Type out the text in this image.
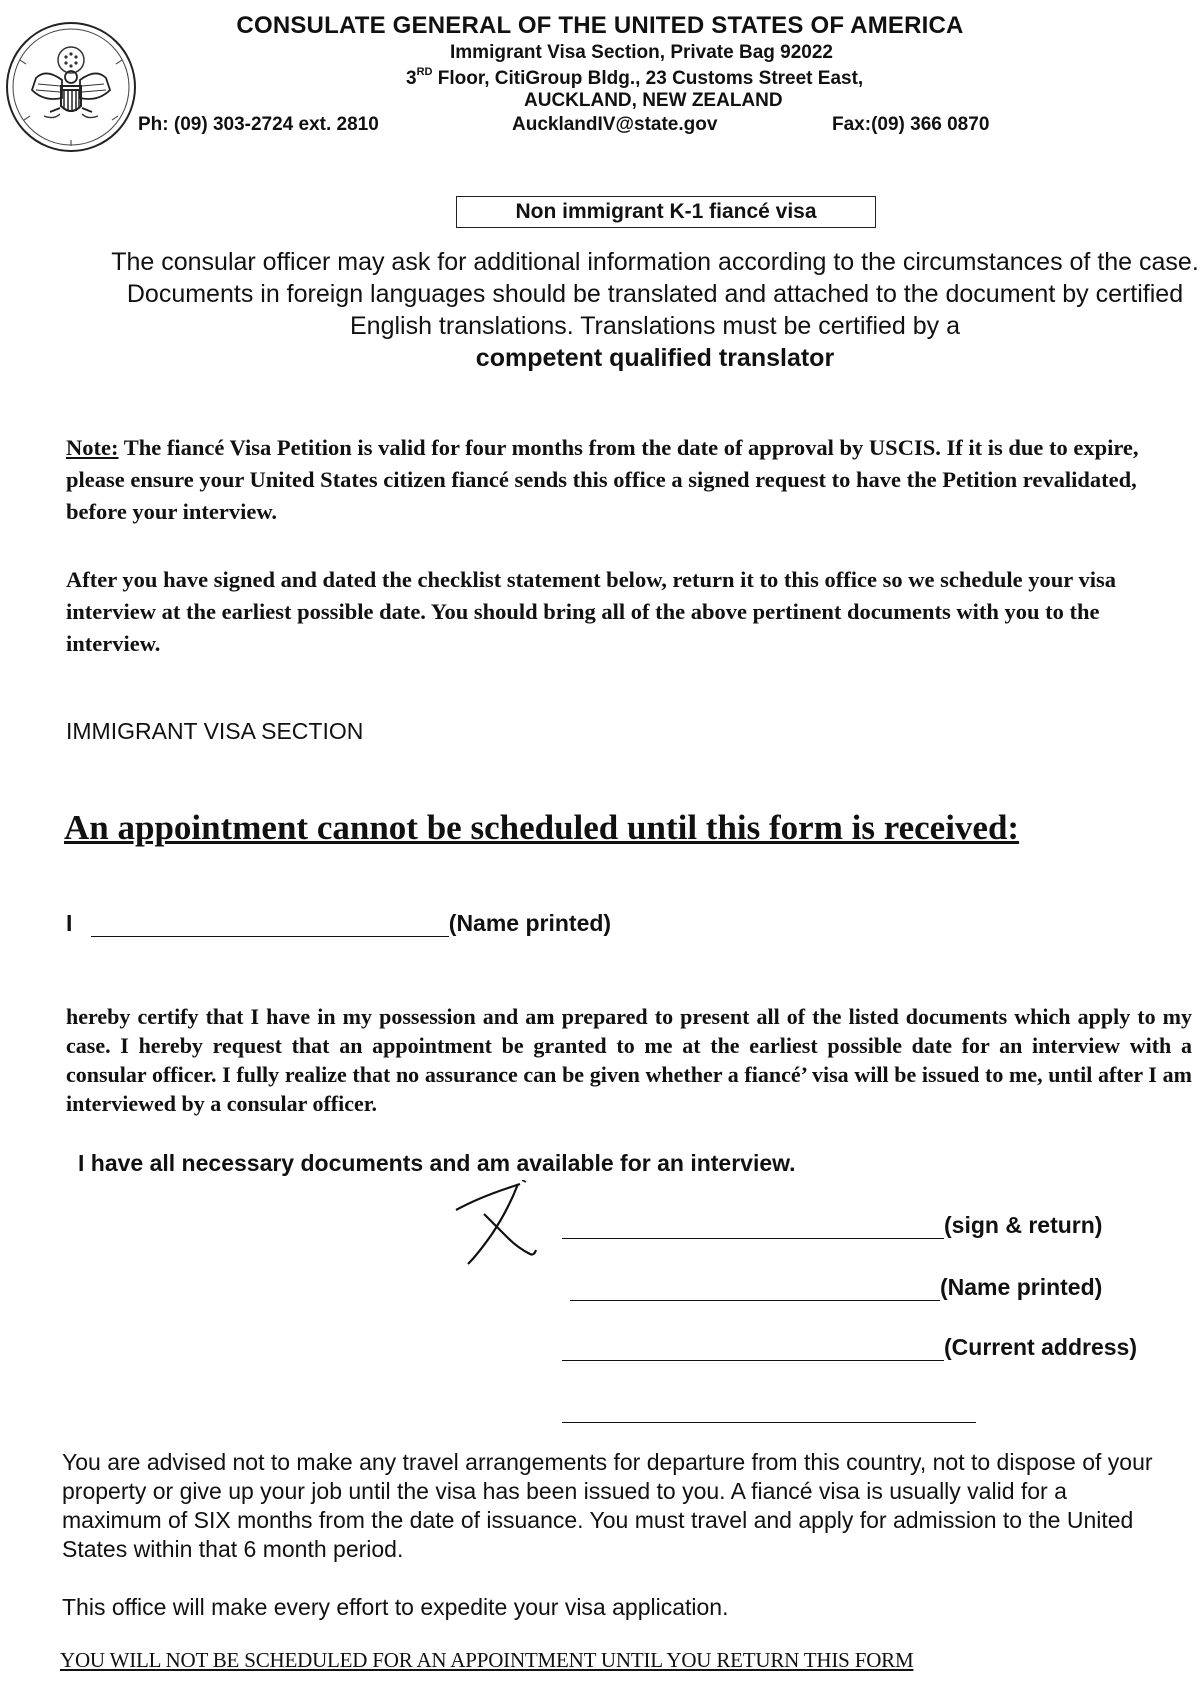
CONSULATE GENERAL OF THE UNITED STATES OF AMERICA
Immigrant Visa Section, Private Bag 92022
3RD Floor, CitiGroup Bldg., 23 Customs Street East,
AUCKLAND, NEW ZEALAND
Ph: (09) 303-2724 ext. 2810	AucklandIV@state.gov	Fax:(09) 366 0870
Non immigrant K-1 fiancé visa
The consular officer may ask for additional information according to the circumstances of the case. Documents in foreign languages should be translated and attached to the document by certified English translations. Translations must be certified by a
competent qualified translator
Note: The fiancé Visa Petition is valid for four months from the date of approval by USCIS. If it is due to expire, please ensure your United States citizen fiancé sends this office a signed request to have the Petition revalidated, before your interview.
After you have signed and dated the checklist statement below, return it to this office so we schedule your visa interview at the earliest possible date. You should bring all of the above pertinent documents with you to the interview.
IMMIGRANT VISA SECTION
An appointment cannot be scheduled until this form is received:
I	(Name printed)
hereby certify that I have in my possession and am prepared to present all of the listed documents which apply to my case. I hereby request that an appointment be granted to me at the earliest possible date for an interview with a consular officer. I fully realize that no assurance can be given whether a fiancé’ visa will be issued to me, until after I am interviewed by a consular officer.
I have all necessary documents and am available for an interview.
(sign & return)
(Name printed)
(Current address)
You are advised not to make any travel arrangements for departure from this country, not to dispose of your property or give up your job until the visa has been issued to you. A fiancé visa is usually valid for a maximum of SIX months from the date of issuance. You must travel and apply for admission to the United States within that 6 month period.
This office will make every effort to expedite your visa application.
YOU WILL NOT BE SCHEDULED FOR AN APPOINTMENT UNTIL YOU RETURN THIS FORM
